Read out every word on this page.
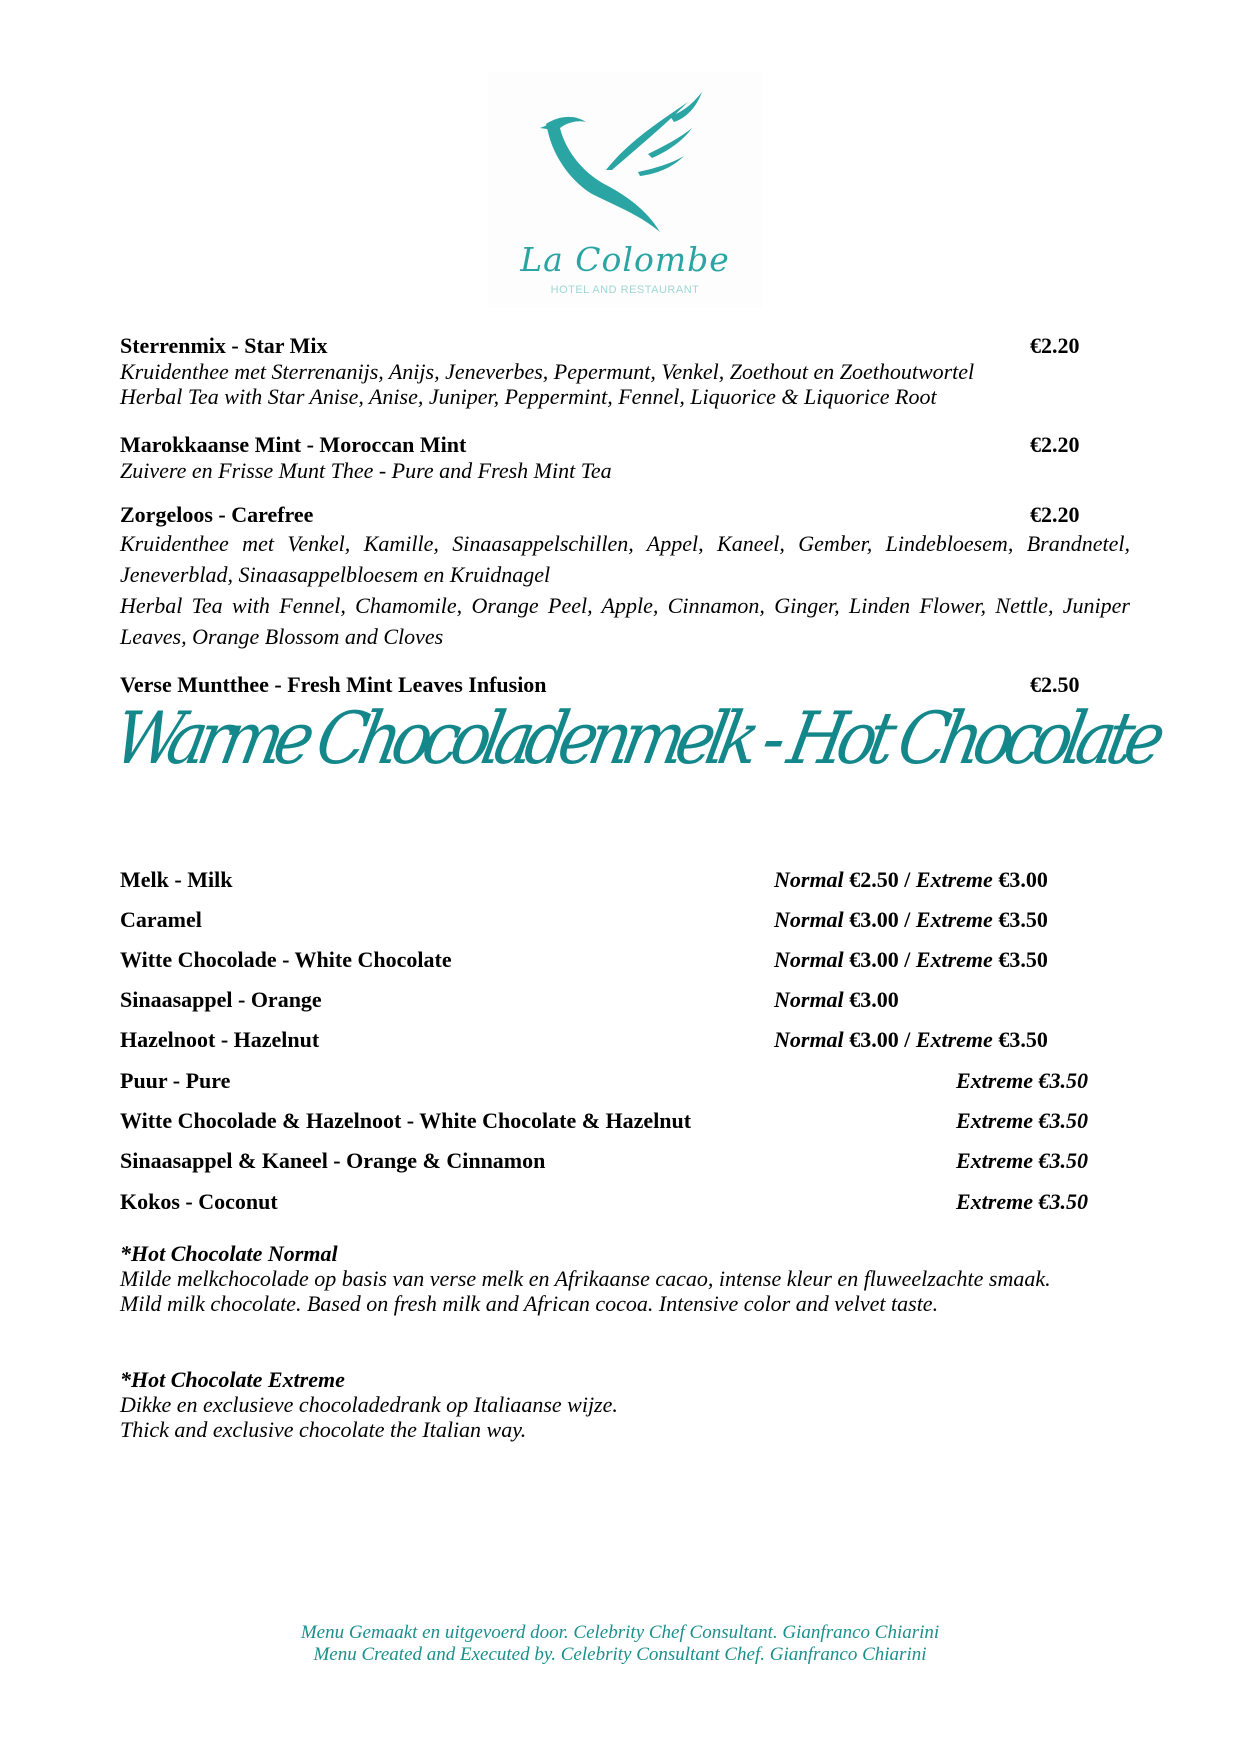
La Colombe
HOTEL AND RESTAURANT
Sterrenmix - Star Mix	€2.20
Kruidenthee met Sterrenanijs, Anijs, Jeneverbes, Pepermunt, Venkel, Zoethout en Zoethoutwortel
Herbal Tea with Star Anise, Anise, Juniper, Peppermint, Fennel, Liquorice & Liquorice Root
Marokkaanse Mint - Moroccan Mint	€2.20
Zuivere en Frisse Munt Thee - Pure and Fresh Mint Tea
Zorgeloos - Carefree	€2.20
Kruidenthee met Venkel, Kamille, Sinaasappelschillen, Appel, Kaneel, Gember, Lindebloesem, Brandnetel, Jeneverblad, Sinaasappelbloesem en Kruidnagel
Herbal Tea with Fennel, Chamomile, Orange Peel, Apple, Cinnamon, Ginger, Linden Flower, Nettle, Juniper Leaves, Orange Blossom and Cloves
Verse Muntthee - Fresh Mint Leaves Infusion	€2.50
Warme Chocoladenmelk - Hot Chocolate
Melk - Milk	Normal €2.50 / Extreme €3.00
Caramel	Normal €3.00 / Extreme €3.50
Witte Chocolade - White Chocolate	Normal €3.00 / Extreme €3.50
Sinaasappel - Orange	Normal €3.00
Hazelnoot - Hazelnut	Normal €3.00 / Extreme €3.50
Puur - Pure	Extreme €3.50
Witte Chocolade & Hazelnoot - White Chocolate & Hazelnut	Extreme €3.50
Sinaasappel & Kaneel - Orange & Cinnamon	Extreme €3.50
Kokos - Coconut	Extreme €3.50
*Hot Chocolate Normal
Milde melkchocolade op basis van verse melk en Afrikaanse cacao, intense kleur en fluweelzachte smaak.
Mild milk chocolate. Based on fresh milk and African cocoa. Intensive color and velvet taste.
*Hot Chocolate Extreme
Dikke en exclusieve chocoladedrank op Italiaanse wijze.
Thick and exclusive chocolate the Italian way.
Menu Gemaakt en uitgevoerd door. Celebrity Chef Consultant. Gianfranco Chiarini
Menu Created and Executed by. Celebrity Consultant Chef. Gianfranco Chiarini
